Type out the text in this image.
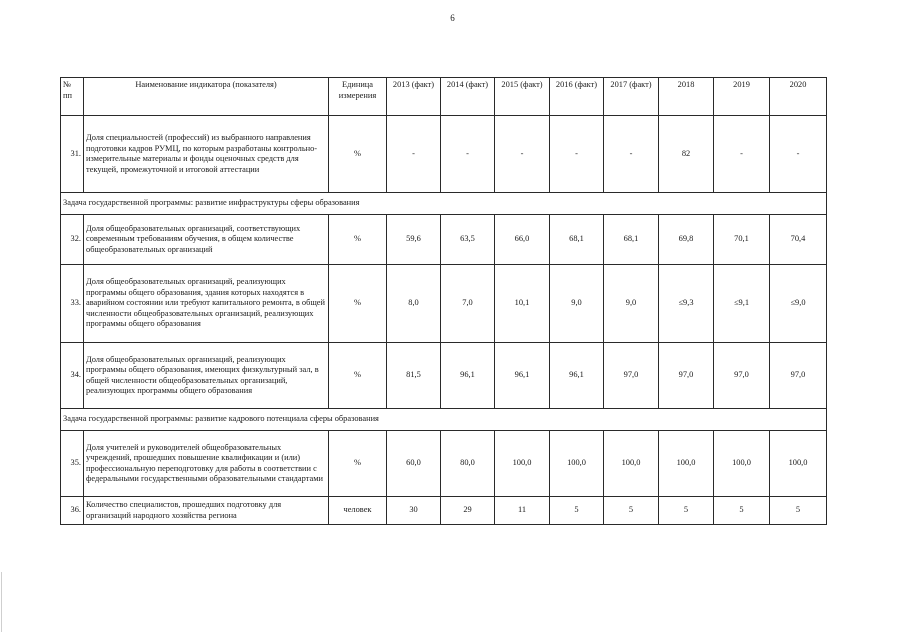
6
№ пп	Наименование индикатора (показателя)	Единица измерения	2013 (факт)	2014 (факт)	2015 (факт)	2016 (факт)	2017 (факт)	2018	2019	2020
31.	Доля специальностей (профессий) из выбранного направления подготовки кадров РУМЦ, по которым разработаны контрольно-измерительные материалы и фонды оценочных средств для текущей, промежуточной и итоговой аттестации	%	-	-	-	-	-	82	-	-
Задача государственной программы: развитие инфраструктуры сферы образования										
32.	Доля общеобразовательных организаций, соответствующих современным требованиям обучения, в общем количестве общеобразовательных организаций	%	59,6	63,5	66,0	68,1	68,1	69,8	70,1	70,4
33.	Доля общеобразовательных организаций, реализующих программы общего образования, здания которых находятся в аварийном состоянии или требуют капитального ремонта, в общей численности общеобразовательных организаций, реализующих программы общего образования	%	8,0	7,0	10,1	9,0	9,0	≤9,3	≤9,1	≤9,0
34.	Доля общеобразовательных организаций, реализующих программы общего образования, имеющих физкультурный зал, в общей численности общеобразовательных организаций, реализующих программы общего образования	%	81,5	96,1	96,1	96,1	97,0	97,0	97,0	97,0
Задача государственной программы: развитие кадрового потенциала сферы образования										
35.	Доля учителей и руководителей общеобразовательных учреждений, прошедших повышение квалификации и (или) профессиональную переподготовку для работы в соответствии с федеральными государственными образовательными стандартами	%	60,0	80,0	100,0	100,0	100,0	100,0	100,0	100,0
36.	Количество специалистов, прошедших подготовку для организаций народного хозяйства региона	человек	30	29	11	5	5	5	5	5
